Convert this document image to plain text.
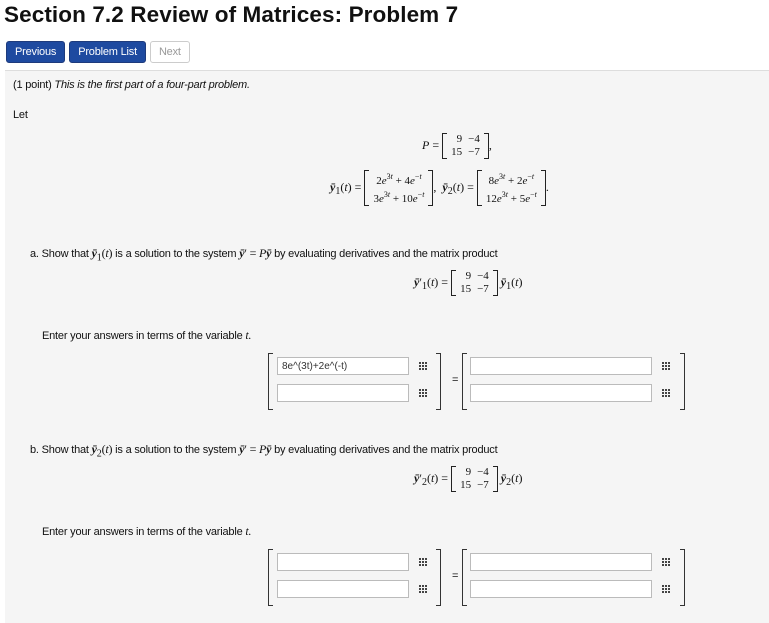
Section 7.2 Review of Matrices: Problem 7
Previous	Problem List	Next
(1 point) This is the first part of a four-part problem.
Let
P = 9	−4
15	−7
,
$ȳ_1(t) = 2e^{3t} + 4e^{-t}$
$3e^{3t} + 10e^{-t}$
,  $ȳ_2(t) = 8e^{3t} + 2e^{-t}$
$12e^{3t} + 5e^{-t}$
.
a. Show that $ȳ_1(t)$ is a solution to the system ȳ′ = Pȳ by evaluating derivatives and the matrix product
$ȳ'_1(t) = 9$	−4
15	−7
$ȳ_1(t)$
Enter your answers in terms of the variable t.
8e^(3t)+2e^(-t)
=
b. Show that $ȳ_2(t)$ is a solution to the system ȳ′ = Pȳ by evaluating derivatives and the matrix product
$ȳ'_2(t) = 9$	−4
15	−7
$ȳ_2(t)$
Enter your answers in terms of the variable t.
=
